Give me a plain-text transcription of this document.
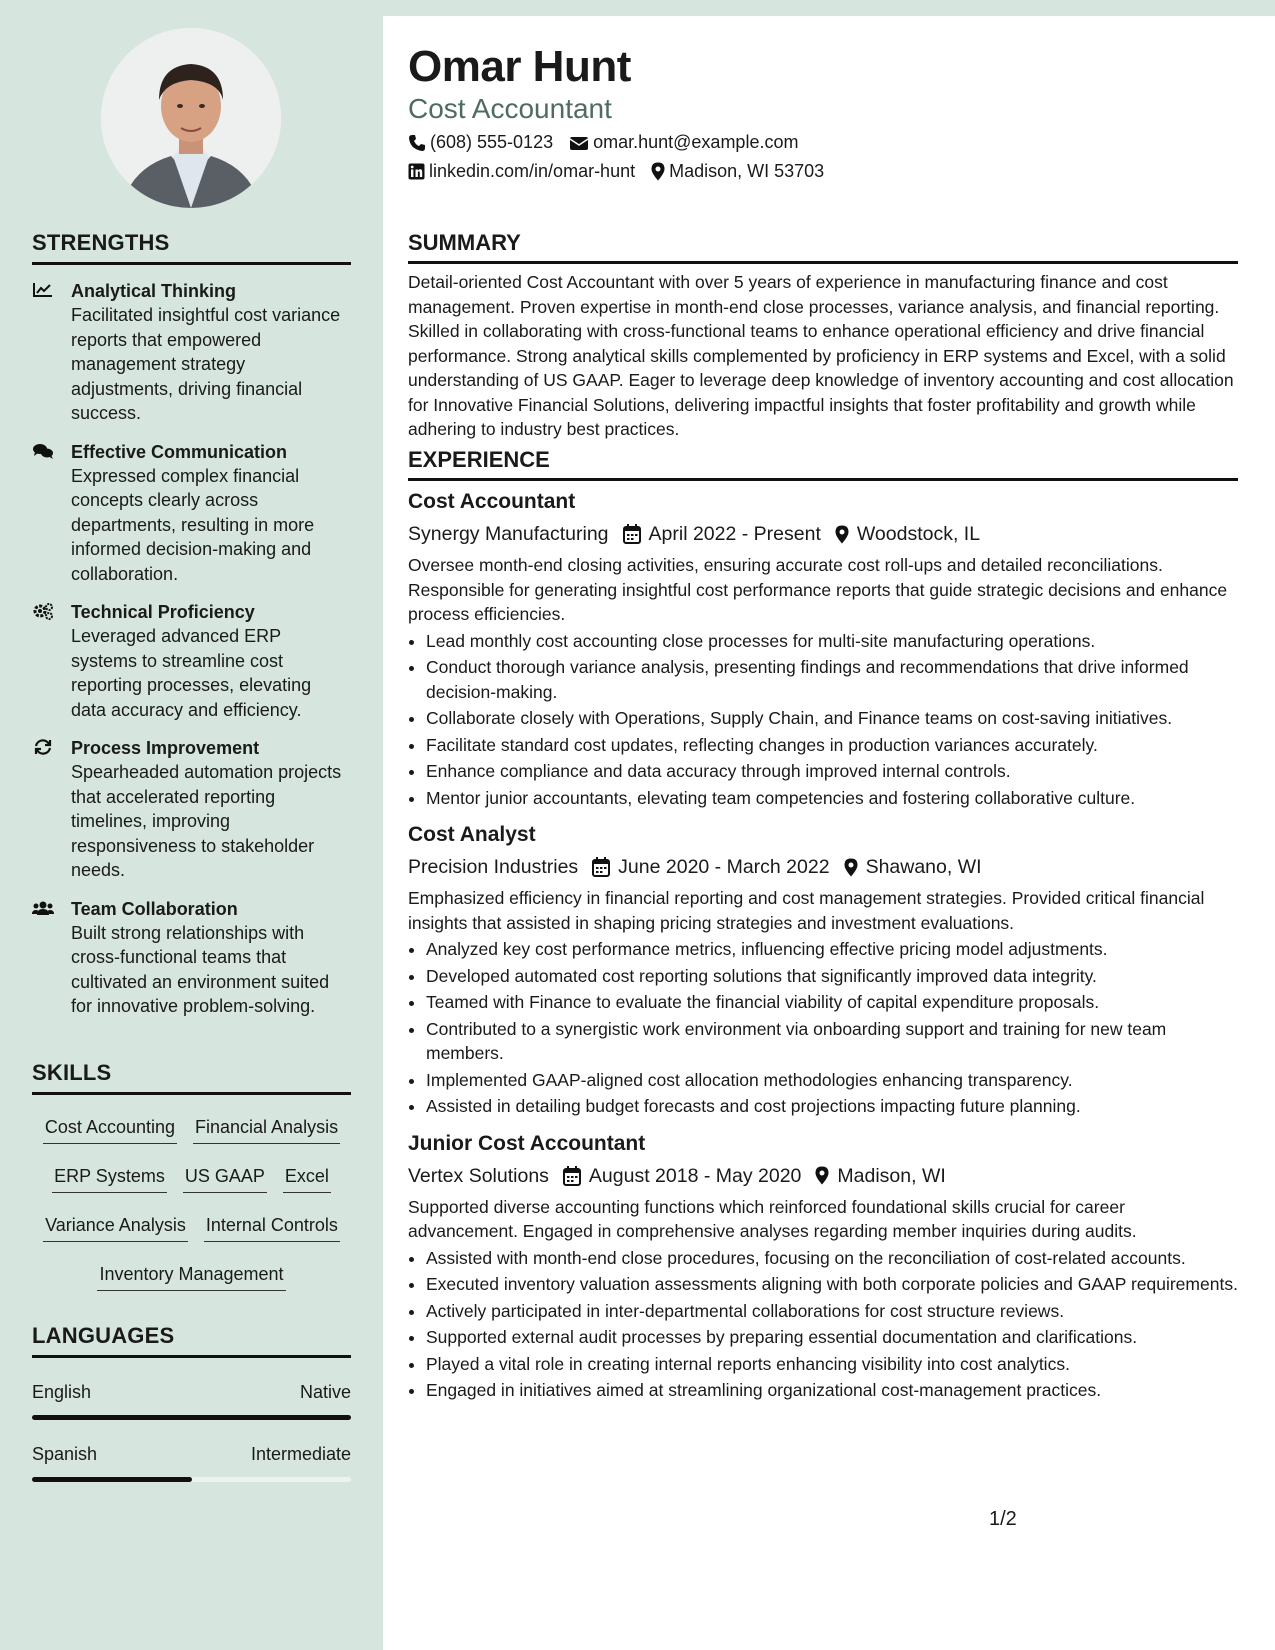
STRENGTHS
Analytical Thinking
Facilitated insightful cost variance reports that empowered management strategy adjustments, driving financial success.
Effective Communication
Expressed complex financial concepts clearly across departments, resulting in more informed decision-making and collaboration.
Technical Proficiency
Leveraged advanced ERP systems to streamline cost reporting processes, elevating data accuracy and efficiency.
Process Improvement
Spearheaded automation projects that accelerated reporting timelines, improving responsiveness to stakeholder needs.
Team Collaboration
Built strong relationships with cross-functional teams that cultivated an environment suited for innovative problem-solving.
SKILLS
Cost Accounting Financial Analysis
ERP Systems US GAAP Excel
Variance Analysis Internal Controls
Inventory Management
LANGUAGES
English	Native
Spanish	Intermediate
Omar Hunt
Cost Accountant
(608) 555-0123 omar.hunt@example.com
linkedin.com/in/omar-hunt Madison, WI 53703
SUMMARY
Detail-oriented Cost Accountant with over 5 years of experience in manufacturing finance and cost management. Proven expertise in month-end close processes, variance analysis, and financial reporting. Skilled in collaborating with cross-functional teams to enhance operational efficiency and drive financial performance. Strong analytical skills complemented by proficiency in ERP systems and Excel, with a solid understanding of US GAAP. Eager to leverage deep knowledge of inventory accounting and cost allocation for Innovative Financial Solutions, delivering impactful insights that foster profitability and growth while adhering to industry best practices.
EXPERIENCE
Cost Accountant
Synergy Manufacturing April 2022 - Present Woodstock, IL
Oversee month-end closing activities, ensuring accurate cost roll-ups and detailed reconciliations. Responsible for generating insightful cost performance reports that guide strategic decisions and enhance process efficiencies.
• Lead monthly cost accounting close processes for multi-site manufacturing operations.
• Conduct thorough variance analysis, presenting findings and recommendations that drive informed decision-making.
• Collaborate closely with Operations, Supply Chain, and Finance teams on cost-saving initiatives.
• Facilitate standard cost updates, reflecting changes in production variances accurately.
• Enhance compliance and data accuracy through improved internal controls.
• Mentor junior accountants, elevating team competencies and fostering collaborative culture.
Cost Analyst
Precision Industries June 2020 - March 2022 Shawano, WI
Emphasized efficiency in financial reporting and cost management strategies. Provided critical financial insights that assisted in shaping pricing strategies and investment evaluations.
• Analyzed key cost performance metrics, influencing effective pricing model adjustments.
• Developed automated cost reporting solutions that significantly improved data integrity.
• Teamed with Finance to evaluate the financial viability of capital expenditure proposals.
• Contributed to a synergistic work environment via onboarding support and training for new team members.
• Implemented GAAP-aligned cost allocation methodologies enhancing transparency.
• Assisted in detailing budget forecasts and cost projections impacting future planning.
Junior Cost Accountant
Vertex Solutions August 2018 - May 2020 Madison, WI
Supported diverse accounting functions which reinforced foundational skills crucial for career advancement. Engaged in comprehensive analyses regarding member inquiries during audits.
• Assisted with month-end close procedures, focusing on the reconciliation of cost-related accounts.
• Executed inventory valuation assessments aligning with both corporate policies and GAAP requirements.
• Actively participated in inter-departmental collaborations for cost structure reviews.
• Supported external audit processes by preparing essential documentation and clarifications.
• Played a vital role in creating internal reports enhancing visibility into cost analytics.
• Engaged in initiatives aimed at streamlining organizational cost-management practices.
1/2
